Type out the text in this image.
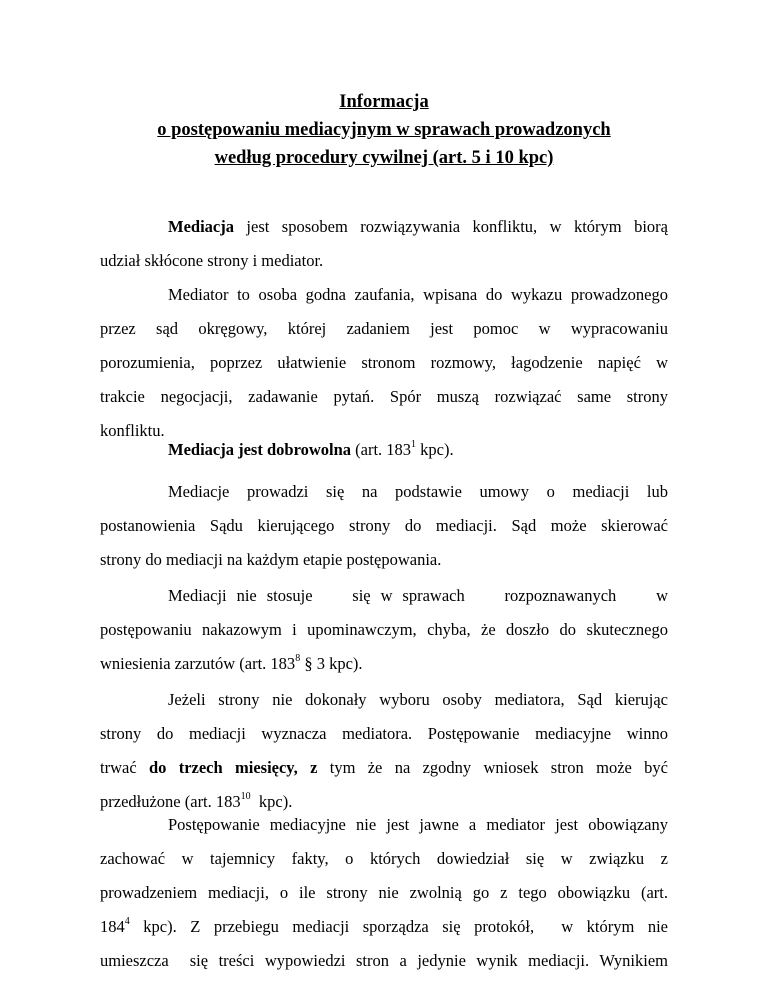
Informacja
o postępowaniu mediacyjnym w sprawach prowadzonych
według procedury cywilnej (art. 5 i 10 kpc)
Mediacja jest sposobem rozwiązywania konfliktu, w którym biorą
udział skłócone strony i mediator.
Mediator to osoba godna zaufania, wpisana do wykazu prowadzonego
przez sąd okręgowy, której zadaniem jest pomoc w wypracowaniu
porozumienia, poprzez ułatwienie stronom rozmowy, łagodzenie napięć w
trakcie negocjacji, zadawanie pytań. Spór muszą rozwiązać same strony
konfliktu.
Mediacja jest dobrowolna (art. $183^1$ kpc).
Mediacje prowadzi się na podstawie umowy o mediacji lub
postanowienia Sądu kierującego strony do mediacji. Sąd może skierować
strony do mediacji na każdym etapie postępowania.
Mediacji nie stosuje    się w sprawach    rozpoznawanych    w
postępowaniu nakazowym i upominawczym, chyba, że doszło do skutecznego
wniesienia zarzutów (art. $183^8$ § 3 kpc).
Jeżeli strony nie dokonały wyboru osoby mediatora, Sąd kierując
strony do mediacji wyznacza mediatora. Postępowanie mediacyjne winno
trwać do trzech miesięcy, z tym że na zgodny wniosek stron może być
przedłużone (art. $183^{10}$  kpc).
Postępowanie mediacyjne nie jest jawne a mediator jest obowiązany
zachować w tajemnicy fakty, o których dowiedział się w związku z
prowadzeniem mediacji, o ile strony nie zwolnią go z tego obowiązku (art.
$184^4$ kpc). Z przebiegu mediacji sporządza się protokół,  w którym nie
umieszcza  się treści wypowiedzi stron a jedynie wynik mediacji. Wynikiem
